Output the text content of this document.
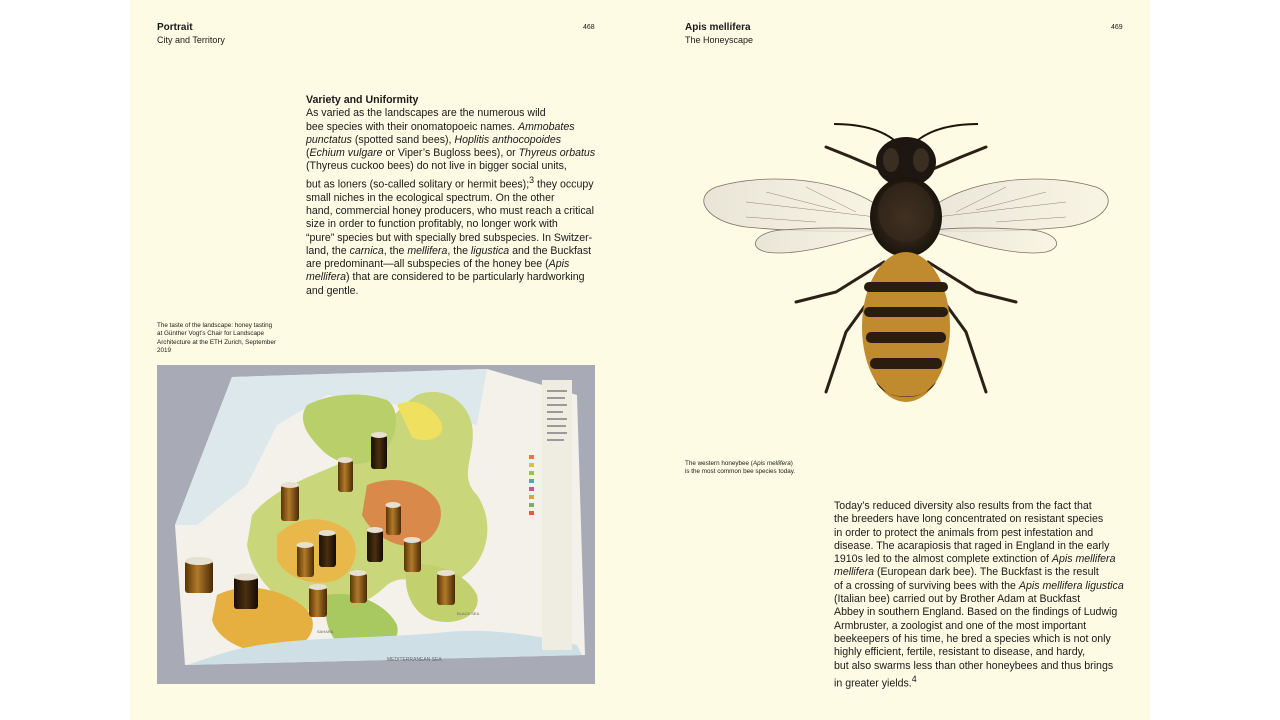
Portrait
City and Territory
468
Variety and Uniformity
As varied as the landscapes are the numerous wild
bee species with their onomatopoeic names. Ammobates
punctatus (spotted sand bees), Hoplitis anthocopoides
(Echium vulgare or Viper’s Bugloss bees), or Thyreus orbatus
(Thyreus cuckoo bees) do not live in bigger social units,
but as loners (so-called solitary or hermit bees);$^3$ they occupy
small niches in the ecological spectrum. On the other
hand, commercial honey producers, who must reach a critical
size in order to function profitably, no longer work with
“pure” species but with specially bred subspecies. In Switzer-
land, the carnica, the mellifera, the ligustica and the Buckfast
are predominant—all subspecies of the honey bee (Apis
mellifera) that are considered to be particularly hardworking
and gentle.
The taste of the landscape: honey tasting
at Günther Vogt’s Chair for Landscape
Architecture at the ETH Zurich, September
2019
MEDITERRANEAN SEA
SAHARA
BLACK SEA
Apis mellifera
The Honeyscape
469
The western honeybee (Apis mellifera)
is the most common bee species today.
Today’s reduced diversity also results from the fact that
the breeders have long concentrated on resistant species
in order to protect the animals from pest infestation and
disease. The acarapiosis that raged in England in the early
1910s led to the almost complete extinction of Apis mellifera
mellifera (European dark bee). The Buckfast is the result
of a crossing of surviving bees with the Apis mellifera ligustica
(Italian bee) carried out by Brother Adam at Buckfast
Abbey in southern England. Based on the findings of Ludwig
Armbruster, a zoologist and one of the most important
beekeepers of his time, he bred a species which is not only
highly efficient, fertile, resistant to disease, and hardy,
but also swarms less than other honeybees and thus brings
in greater yields.$^4$
